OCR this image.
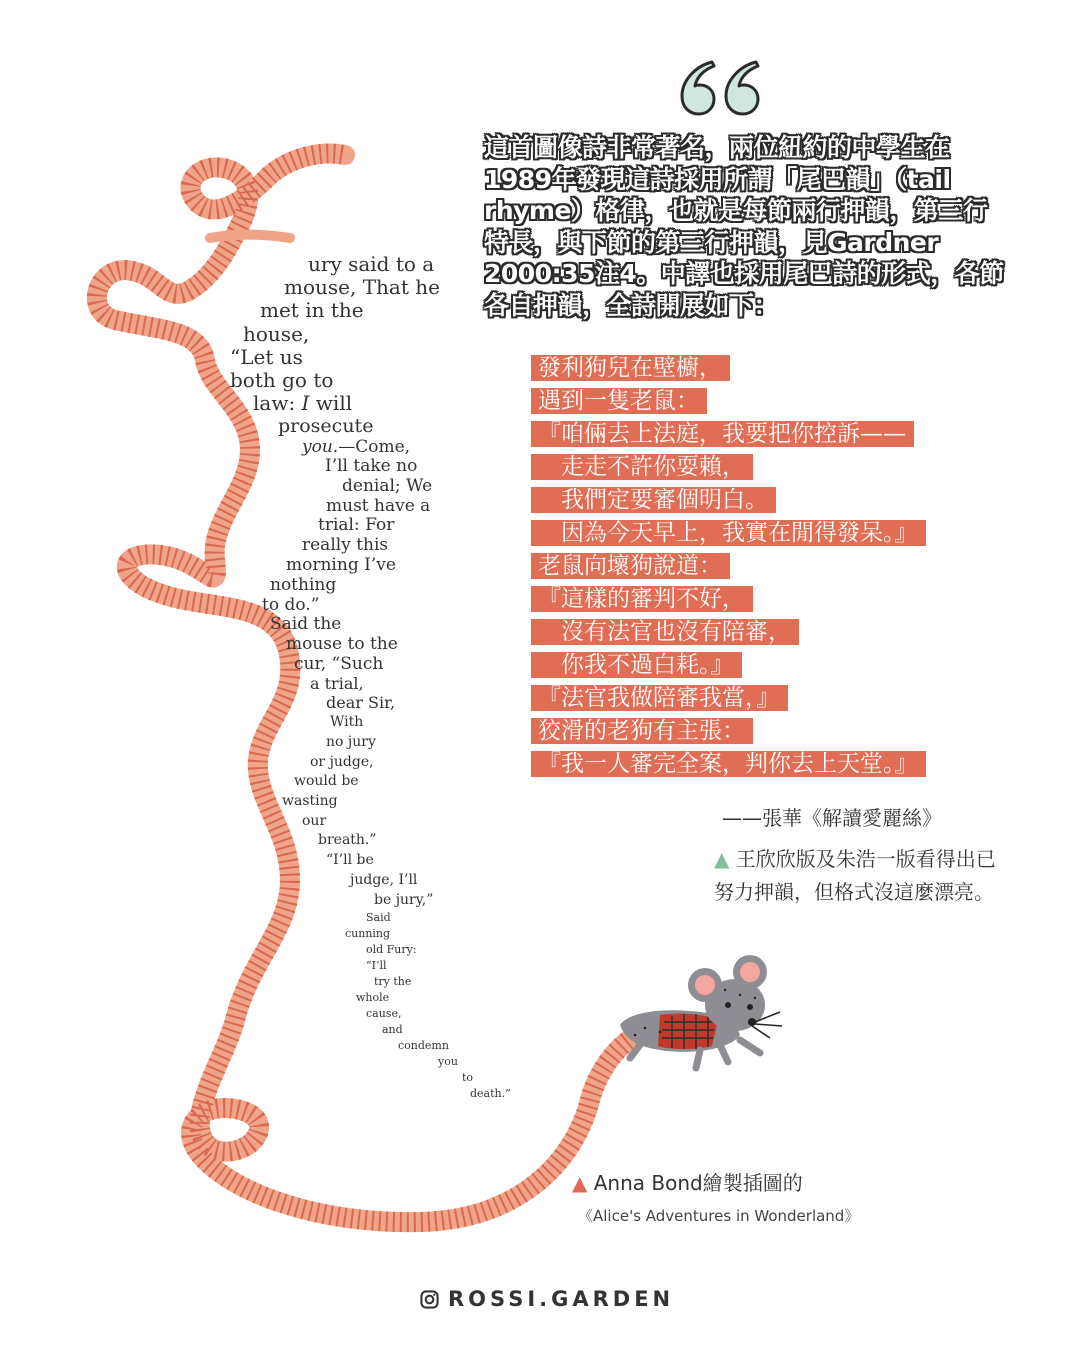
這首圖像詩非常著名，兩位紐約的中學生在
1989年發現這詩採用所謂「尾巴韻」（tail
rhyme）格律，也就是每節兩行押韻，第三行
特長，與下節的第三行押韻，見Gardner
2000:35注4。中譯也採用尾巴詩的形式，各節
各自押韻，全詩開展如下：
發利狗兒在壁櫥，
遇到一隻老鼠：
『咱倆去上法庭，我要把你控訴——
　走走不許你耍賴，
　我們定要審個明白。
　因為今天早上，我實在閒得發呆。』
老鼠向壞狗說道：
『這樣的審判不好，
　沒有法官也沒有陪審，
　你我不過白耗。』
『法官我做陪審我當，』
狡滑的老狗有主張：
『我一人審完全案，判你去上天堂。』
——張華《解讀愛麗絲》
▲ 王欣欣版及朱浩一版看得出已努力押韻，但格式沒這麼漂亮。
ury said to a
mouse, That he
met in the
house,
“Let us
both go to
law: I will
prosecute
you.—Come,
I’ll take no
denial; We
must have a
trial: For
really this
morning I’ve
nothing
to do.”
Said the
mouse to the
cur, “Such
a trial,
dear Sir,
With
no jury
or judge,
would be
wasting
our
breath.”
“I’ll be
judge, I’ll
be jury,”
Said
cunning
old Fury:
“I’ll
try the
whole
cause,
and
condemn
you
to
death.”
▲ Anna Bond繪製插圖的
《Alice's Adventures in Wonderland》
ROSSI.GARDEN
